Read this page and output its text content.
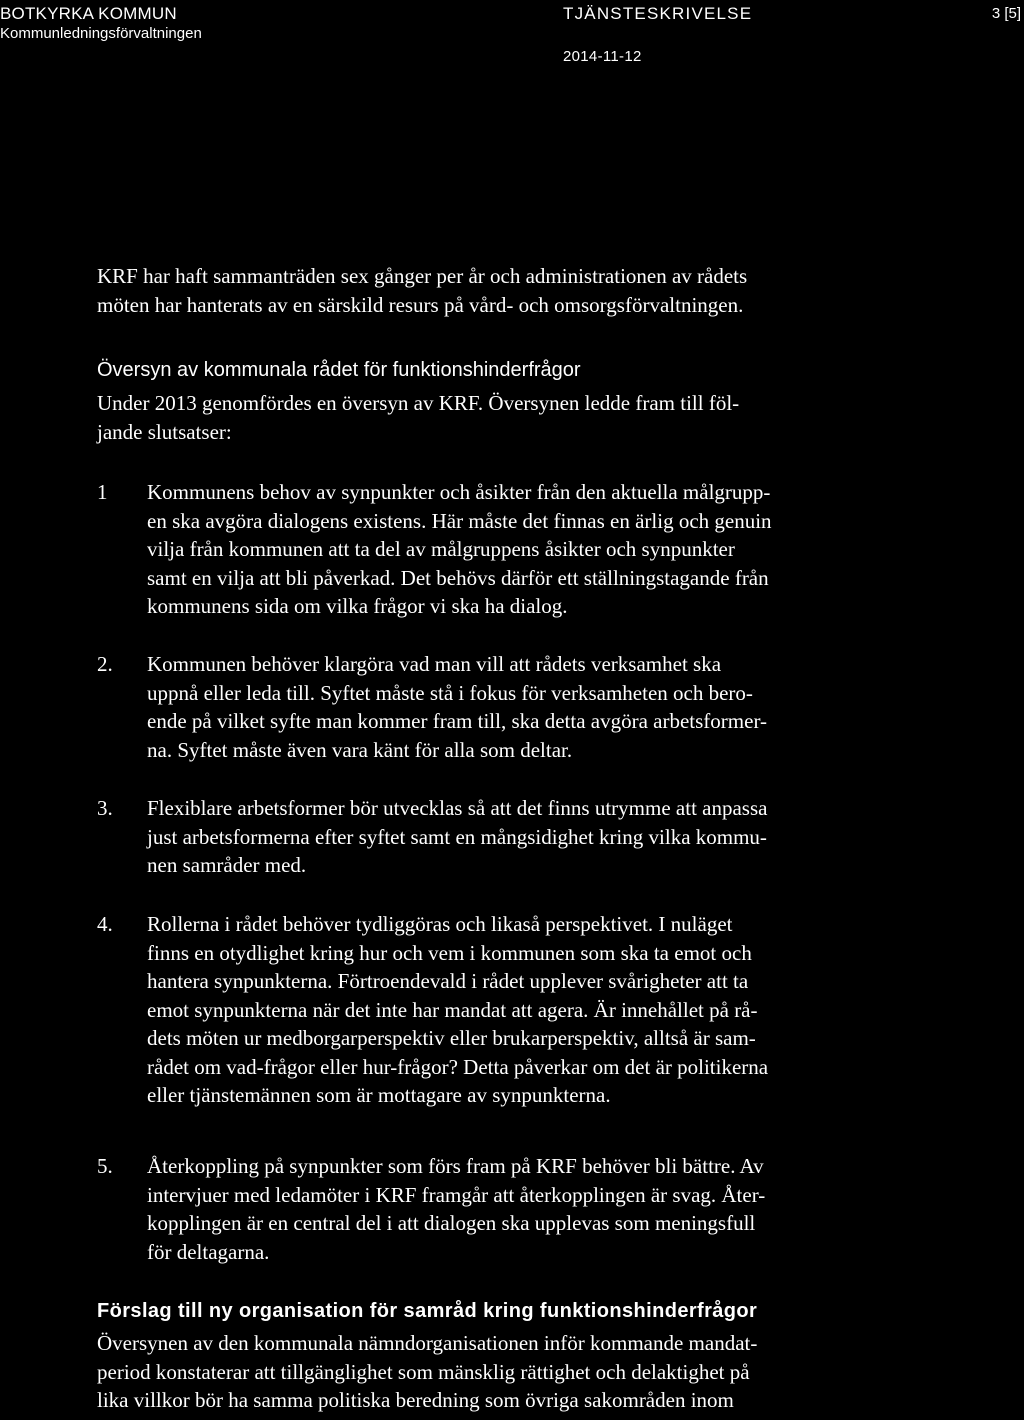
BOTKYRKA KOMMUN
Kommunledningsförvaltningen
TJÄNSTESKRIVELSE
2014-11-12
3 [5]
KRF har haft sammanträden sex gånger per år och administrationen av rådets
möten har hanterats av en särskild resurs på vård- och omsorgsförvaltningen.
Översyn av kommunala rådet för funktionshinderfrågor
Under 2013 genomfördes en översyn av KRF. Översynen ledde fram till föl-
jande slutsatser:
1	Kommunens behov av synpunkter och åsikter från den aktuella målgrupp-
en ska avgöra dialogens existens. Här måste det finnas en ärlig och genuin
vilja från kommunen att ta del av målgruppens åsikter och synpunkter
samt en vilja att bli påverkad. Det behövs därför ett ställningstagande från
kommunens sida om vilka frågor vi ska ha dialog.
2.	Kommunen behöver klargöra vad man vill att rådets verksamhet ska
uppnå eller leda till. Syftet måste stå i fokus för verksamheten och bero-
ende på vilket syfte man kommer fram till, ska detta avgöra arbetsformer-
na. Syftet måste även vara känt för alla som deltar.
3.	Flexiblare arbetsformer bör utvecklas så att det finns utrymme att anpassa
just arbetsformerna efter syftet samt en mångsidighet kring vilka kommu-
nen samråder med.
4.	Rollerna i rådet behöver tydliggöras och likaså perspektivet. I nuläget
finns en otydlighet kring hur och vem i kommunen som ska ta emot och
hantera synpunkterna. Förtroendevald i rådet upplever svårigheter att ta
emot synpunkterna när det inte har mandat att agera. Är innehållet på rå-
dets möten ur medborgarperspektiv eller brukarperspektiv, alltså är sam-
rådet om vad-frågor eller hur-frågor? Detta påverkar om det är politikerna
eller tjänstemännen som är mottagare av synpunkterna.
5.	Återkoppling på synpunkter som förs fram på KRF behöver bli bättre. Av
intervjuer med ledamöter i KRF framgår att återkopplingen är svag. Åter-
kopplingen är en central del i att dialogen ska upplevas som meningsfull
för deltagarna.
Förslag till ny organisation för samråd kring funktionshinderfrågor
Översynen av den kommunala nämndorganisationen inför kommande mandat-
period konstaterar att tillgänglighet som mänsklig rättighet och delaktighet på
lika villkor bör ha samma politiska beredning som övriga sakområden inom
